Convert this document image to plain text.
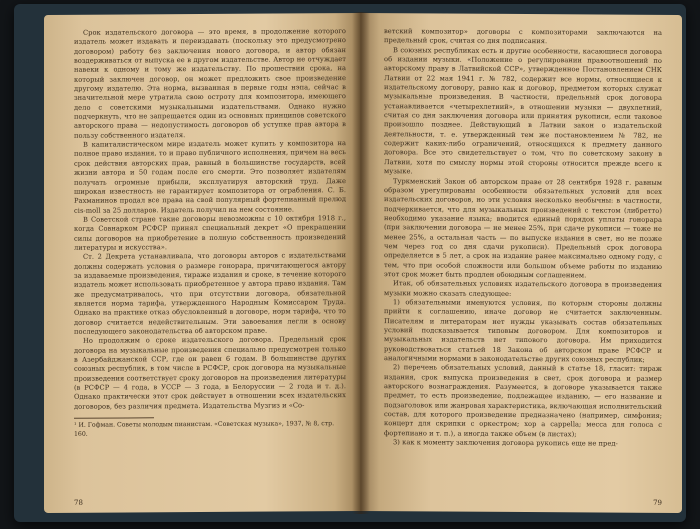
Срок издательского договора — это время, в продолжение которого издатель может издавать и переиздавать (поскольку это предусмотрено договором) работу без заключения нового договора, и автор обязан воздерживаться от выпуска ее в другом издательстве. Автор не отчуждает навеки к одному и тому же издательству. По прошествии срока, на который заключен договор, он может предложить свое произведение другому издателю. Эта норма, вызванная в первые годы нэпа, сейчас в значительной мере утратила свою остроту для композитора, имеющего дело с советскими музыкальными издательствами. Однако нужно подчеркнуть, что не запрещается один из основных принципов советского авторского права — недопустимость договоров об уступке прав автора в пользу собственного издателя.

В капиталистическом мире издатель может купить у композитора на полное право издания, то и право публичного исполнения, причем на весь срок действия авторских прав, равный в большинстве государств, всей жизни автора и 50 годам после его смерти. Это позволяет издателям получать огромные прибыли, эксплуатируя авторский труд. Даже широкая известность не гарантирует композитора от ограбления. С. Б. Рахманинов продал все права на свой популярный фортепианный прелюд cis-moll за 25 долларов. Издатель получил на нем состояние.

В Советской стране такие договоры невозможны с 10 октября 1918 г., когда Совнарком РСФСР принял специальный декрет «О прекращении силы договоров на приобретение в полную собственность произведений литературы и искусства».

Ст. 2 Декрета устанавливала, что договоры авторов с издательствами должны содержать условия о размере гонорара, причитающегося автору за издаваемые произведения, тираже издания и сроке, в течение которого издатель может использовать приобретенное у автора право издания. Там же предусматривалось, что при отсутствии договора, обязательной является норма тарифа, утвержденного Народным Комиссаром Труда. Однако на практике отказ обусловленный в договоре, норм тарифа, что то договор считается недействительным. Эти завоевания легли в основу последующего законодательства об авторском праве.

Но продолжим о сроке издательского договора. Предельный срок договора на музыкальные произведения специально предусмотрен только в Азербайджанской ССР, где он равен 6 годам. В большинстве других союзных республик, в том числе в РСФСР, срок договора на музыкальные произведения соответствует сроку договоров на произведения литературы (в РСФСР — 4 года, в УССР — 3 года, в Белоруссии — 2 года и т. д.). Однако практически этот срок действует в отношении всех издательских договоров, без различия предмета. Издательства Музгиз и «Со-

¹ И. Гофман. Советы молодым пианистам. «Советская музыка», 1937, № 8, стр. 160.
78

ветский композитор» договоры с композиторами заключаются на предельный срок, считая со дня подписания.

В союзных республиках есть и другие особенности, касающиеся договора об издании музыки. «Положение о регулировании правоотношений по авторскому праву в Латвийской ССР», утвержденное Постановлением СНК Латвии от 22 мая 1941 г. № 782, содержит все нормы, относящиеся к издательскому договору, равно как и договор, предметом которых служат музыкальные произведения. В частности, предельный срок договора устанавливается «четырехлетний», в отношении музыки — двухлетний, считая со дня заключения договора или принятия рукописи, если таковое произошло позднее. Действующий в Латвии закон о издательской деятельности, т. е. утвержденный тем же постановлением № 782, не содержит каких-либо ограничений, относящихся к предмету данного договора. Все это свидетельствует о том, что по советскому закону в Латвии, хотя по смыслу нормы этой стороны относится прежде всего к музыке.

Туркменский Закон об авторском праве от 28 сентября 1928 г. равным образом урегулированы особенности обязательных условий для всех издательских договоров, но эти условия несколько необычны: в частности, подчеркивается, что для музыкальных произведений с текстом (либретто) необходимо указание языка; вводится единый порядок уплаты гонорара (при заключении договора — не менее 25%, при сдаче рукописи — тоже не менее 25%, а остальная часть — по выпуске издания в свет, но не позже чем через год со дня сдачи рукописи). Предельный срок договора определяется в 5 лет, а срок на издание ранее максимально одному году, с тем, что при особой сложности или большом объеме работы по изданию этот срок может быть продлен обоюдным соглашением.

Итак, об обязательных условиях издательского договора в произведения музыки можно сказать следующее:

1) обязательными именуются условия, по которым стороны должны прийти к соглашению, иначе договор не считается заключенным. Писателям и литераторам нет нужды указывать состав обязательных условий подсказывается типовым договором. Для композиторов и музыкальных издательств нет типового договора. Им приходится руководствоваться статьей 18 Закона об авторском праве РСФСР и аналогичными нормами в законодательстве других союзных республик;

2) перечень обязательных условий, данный в статье 18, гласит: тираж издания, срок выпуска произведения в свет, срок договора и размер авторского вознаграждения. Разумеется, в договоре указывается также предмет, то есть произведение, подлежащее изданию, — его название и подзаголовок или жанровая характеристика, включающая исполнительский состав, для которого произведение предназначено (например, симфония; концерт для скрипки с оркестром; хор а cappella; месса для голоса с фортепиано и т. п.), а иногда также объем (в листах);

3) как к моменту заключения договора рукопись еще не пред-

79
